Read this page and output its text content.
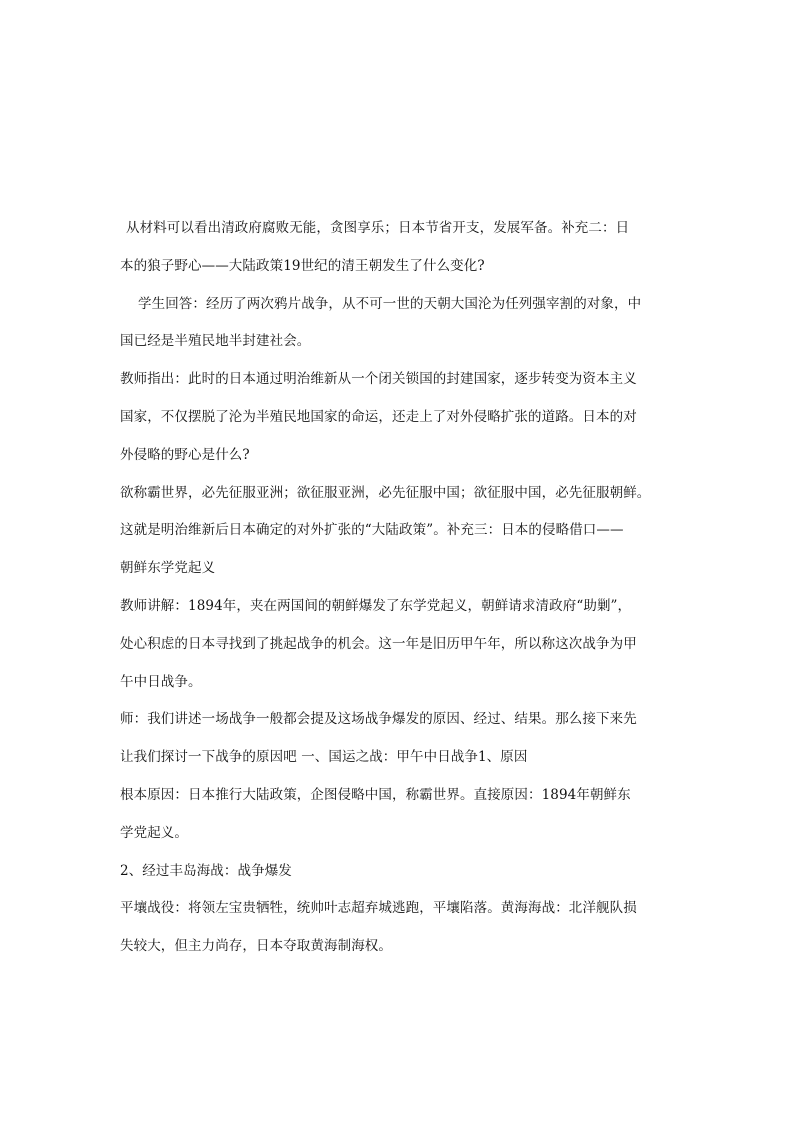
从材料可以看出清政府腐败无能，贪图享乐；日本节省开支，发展军备。补充二：日
本的狼子野心——大陆政策19世纪的清王朝发生了什么变化?
学生回答：经历了两次鸦片战争，从不可一世的天朝大国沦为任列强宰割的对象，中
国已经是半殖民地半封建社会。
教师指出：此时的日本通过明治维新从一个闭关锁国的封建国家，逐步转变为资本主义
国家，不仅摆脱了沦为半殖民地国家的命运，还走上了对外侵略扩张的道路。日本的对
外侵略的野心是什么?
欲称霸世界，必先征服亚洲；欲征服亚洲，必先征服中国；欲征服中国，必先征服朝鲜。
这就是明治维新后日本确定的对外扩张的“大陆政策”。补充三：日本的侵略借口——
朝鲜东学党起义
教师讲解：1894年，夹在两国间的朝鲜爆发了东学党起义，朝鲜请求清政府“助剿”，
处心积虑的日本寻找到了挑起战争的机会。这一年是旧历甲午年，所以称这次战争为甲
午中日战争。
师：我们讲述一场战争一般都会提及这场战争爆发的原因、经过、结果。那么接下来先
让我们探讨一下战争的原因吧 一、国运之战：甲午中日战争1、原因
根本原因：日本推行大陆政策，企图侵略中国，称霸世界。直接原因：1894年朝鲜东
学党起义。
2、经过丰岛海战：战争爆发
平壤战役：将领左宝贵牺牲，统帅叶志超弃城逃跑，平壤陷落。黄海海战：北洋舰队损
失较大，但主力尚存，日本夺取黄海制海权。
